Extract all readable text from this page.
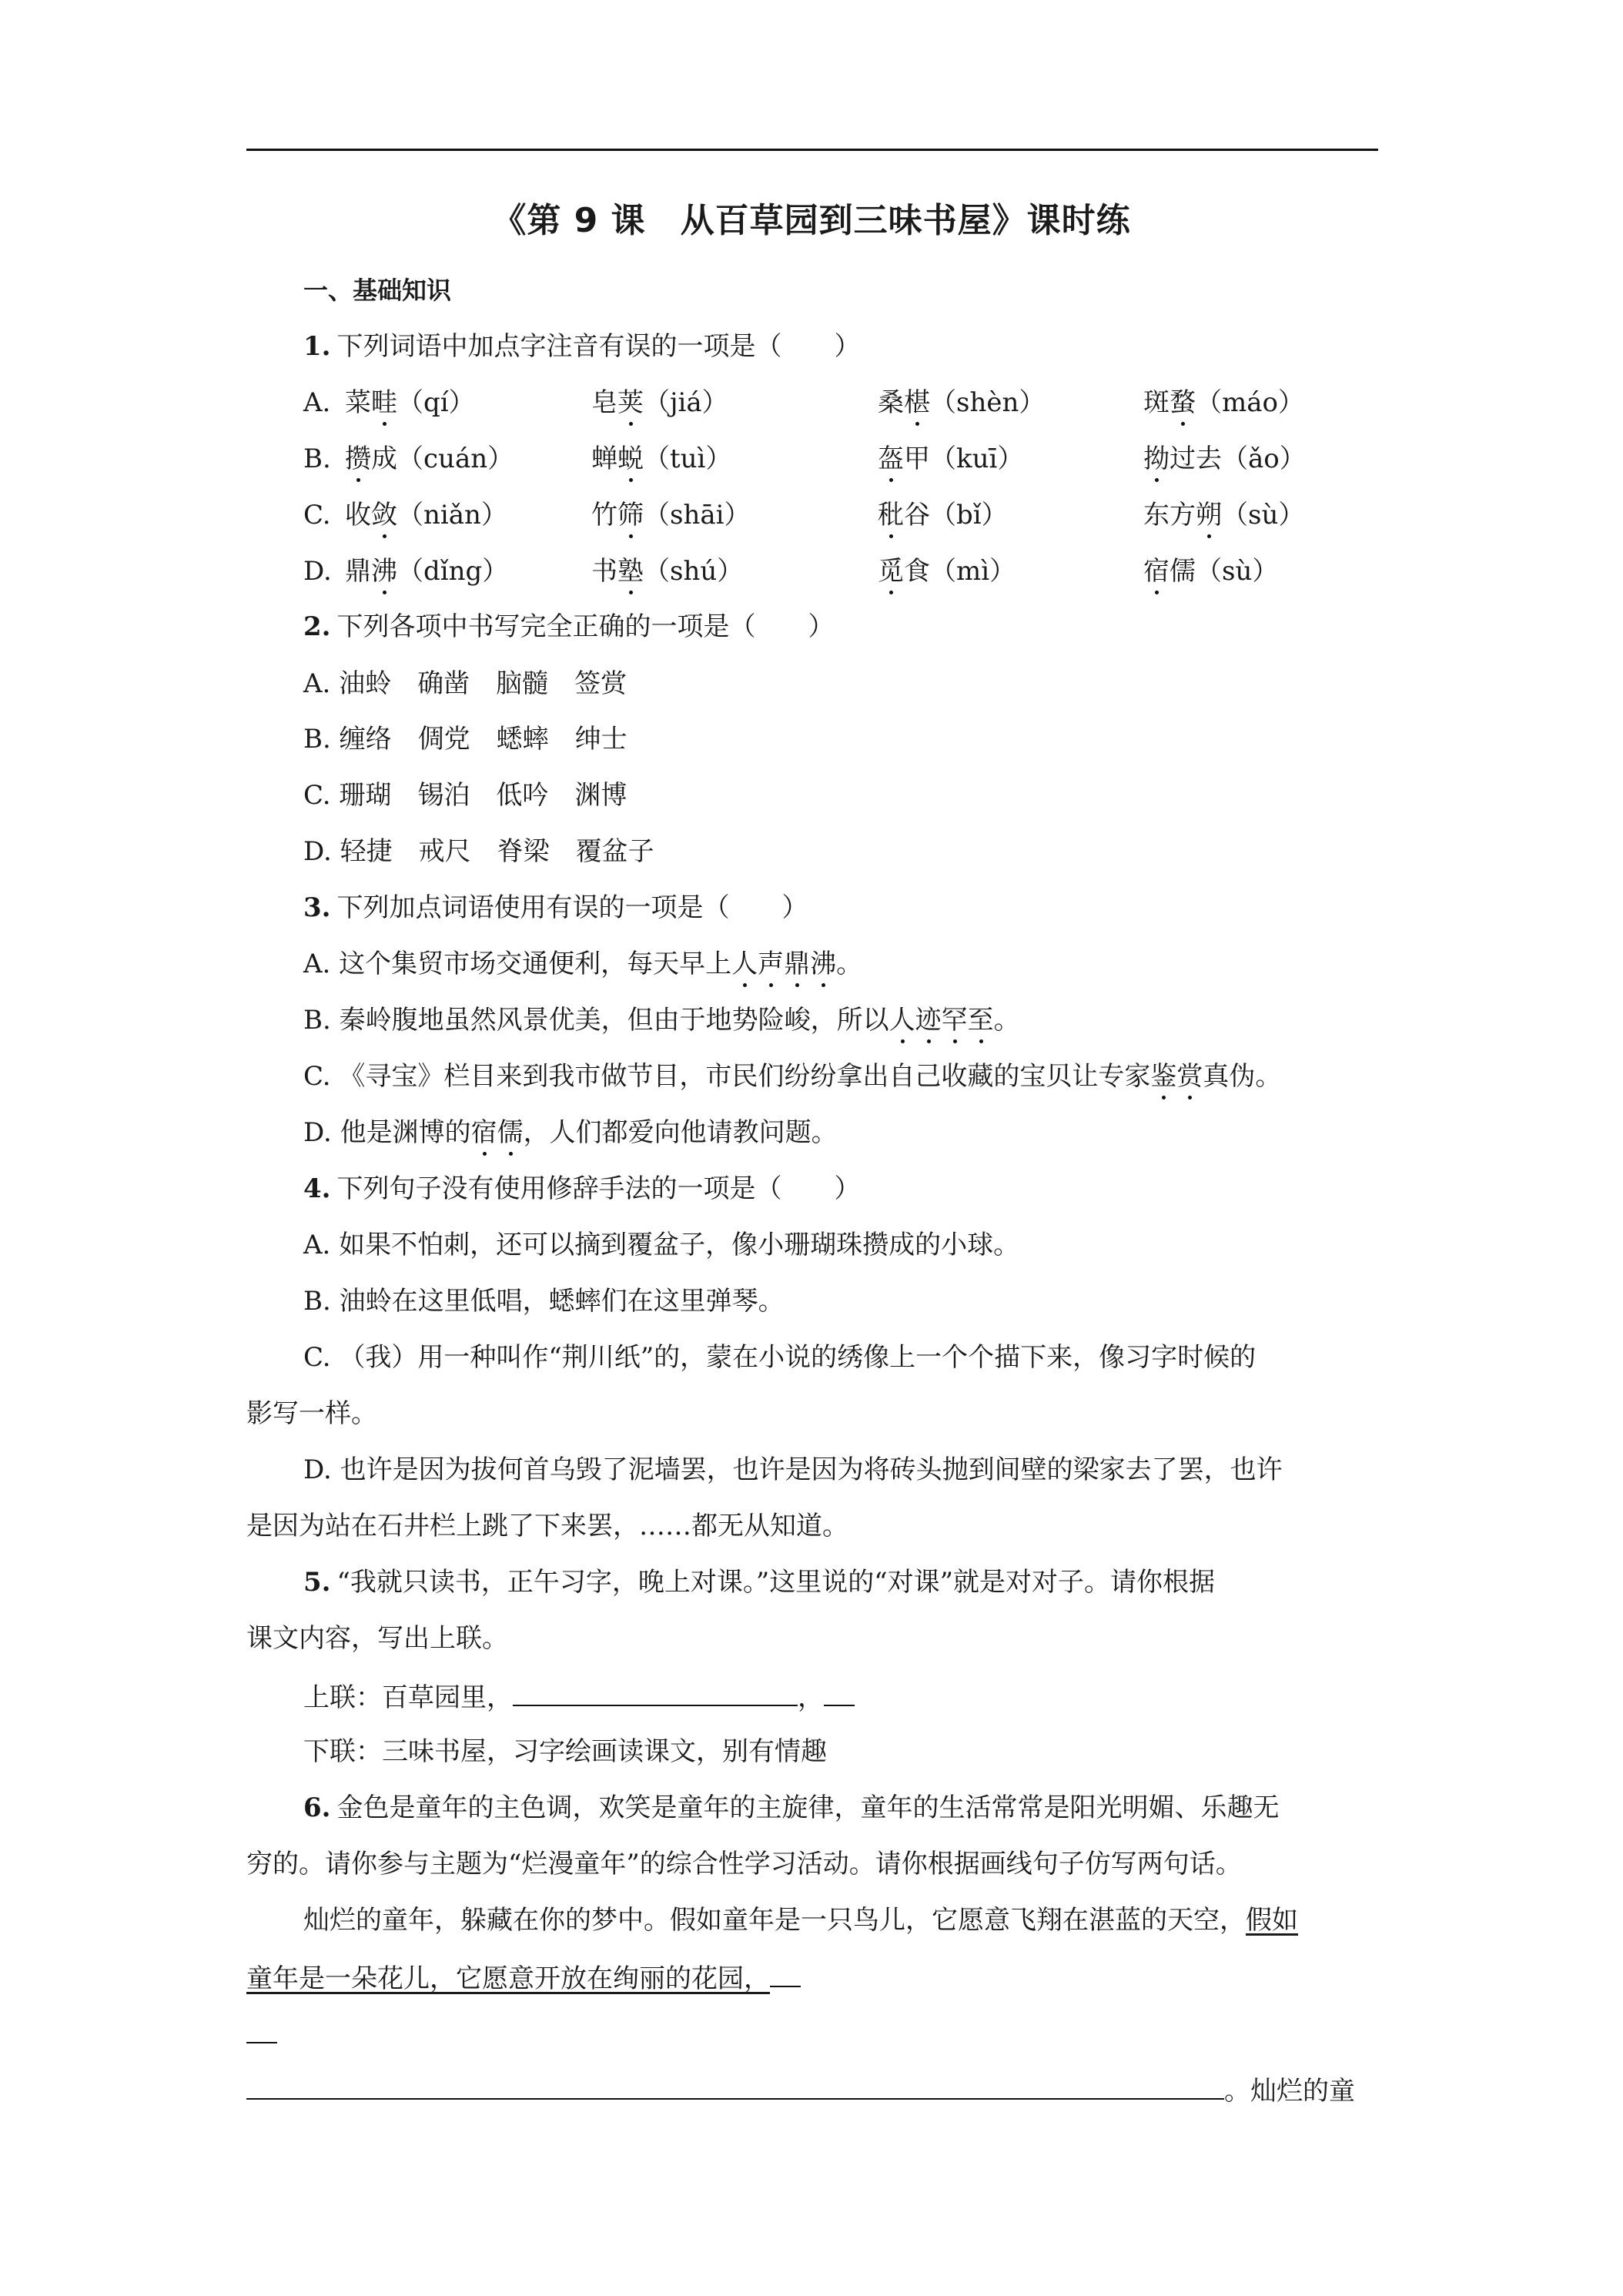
《第 9 课　从百草园到三味书屋》课时练
一、基础知识
1. 下列词语中加点字注音有误的一项是（　　）
A. 菜畦（qí）	皂荚（jiá）	桑椹（shèn）	斑蝥（máo）
B. 攒成（cuán）	蝉蜕（tuì）	盔甲（kuī）	拗过去（ǎo）
C. 收敛（niǎn）	竹筛（shāi）	秕谷（bǐ）	东方朔（sù）
D. 鼎沸（dǐng）	书塾（shú）	觅食（mì）	宿儒（sù）
2. 下列各项中书写完全正确的一项是（　　）
A. 油蛉　确凿　脑髓　签赏
B. 缠络　倜党　蟋蟀　绅士
C. 珊瑚　锡泊　低吟　渊博
D. 轻捷　戒尺　脊梁　覆盆子
3. 下列加点词语使用有误的一项是（　　）
A. 这个集贸市场交通便利，每天早上人声鼎沸。
B. 秦岭腹地虽然风景优美，但由于地势险峻，所以人迹罕至。
C. 《寻宝》栏目来到我市做节目，市民们纷纷拿出自己收藏的宝贝让专家鉴赏真伪。
D. 他是渊博的宿儒，人们都爱向他请教问题。
4. 下列句子没有使用修辞手法的一项是（　　）
A. 如果不怕刺，还可以摘到覆盆子，像小珊瑚珠攒成的小球。
B. 油蛉在这里低唱，蟋蟀们在这里弹琴。
C. （我）用一种叫作“荆川纸”的，蒙在小说的绣像上一个个描下来，像习字时候的
影写一样。
D. 也许是因为拔何首乌毁了泥墙罢，也许是因为将砖头抛到间壁的梁家去了罢，也许
是因为站在石井栏上跳了下来罢，……都无从知道。
5. “我就只读书，正午习字，晚上对课。”这里说的“对课”就是对对子。请你根据
课文内容，写出上联。
上联：百草园里，	，
下联：三味书屋，习字绘画读课文，别有情趣
6. 金色是童年的主色调，欢笑是童年的主旋律，童年的生活常常是阳光明媚、乐趣无
穷的。请你参与主题为“烂漫童年”的综合性学习活动。请你根据画线句子仿写两句话。
灿烂的童年，躲藏在你的梦中。假如童年是一只鸟儿，它愿意飞翔在湛蓝的天空，假如
童年是一朵花儿，它愿意开放在绚丽的花园，
。灿烂的童
